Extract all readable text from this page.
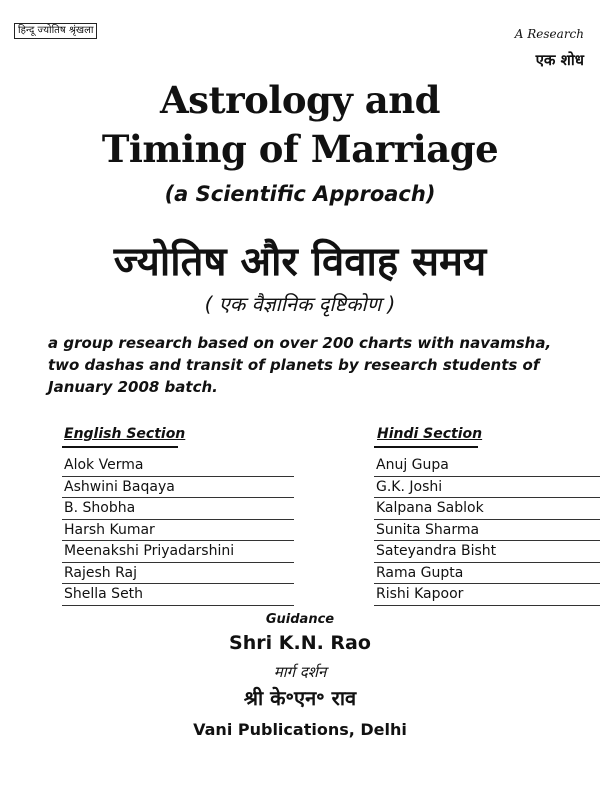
हिन्दू ज्योतिष श्रृंखला	A Research
एक शोध
Astrology and
Timing of Marriage
(a Scientific Approach)
ज्योतिष और विवाह समय
( एक वैज्ञानिक दृष्टिकोण )
a group research based on over 200 charts with navamsha, two dashas and transit of planets by research students of January 2008 batch.
English Section	Hindi Section
Alok Verma
Ashwini Baqaya
B. Shobha
Harsh Kumar
Meenakshi Priyadarshini
Rajesh Raj
Shella Seth
Anuj Gupa
G.K. Joshi
Kalpana Sablok
Sunita Sharma
Sateyandra Bisht
Rama Gupta
Rishi Kapoor
Guidance
Shri K.N. Rao
मार्ग दर्शन
श्री के॰एन॰ राव
Vani Publications, Delhi
